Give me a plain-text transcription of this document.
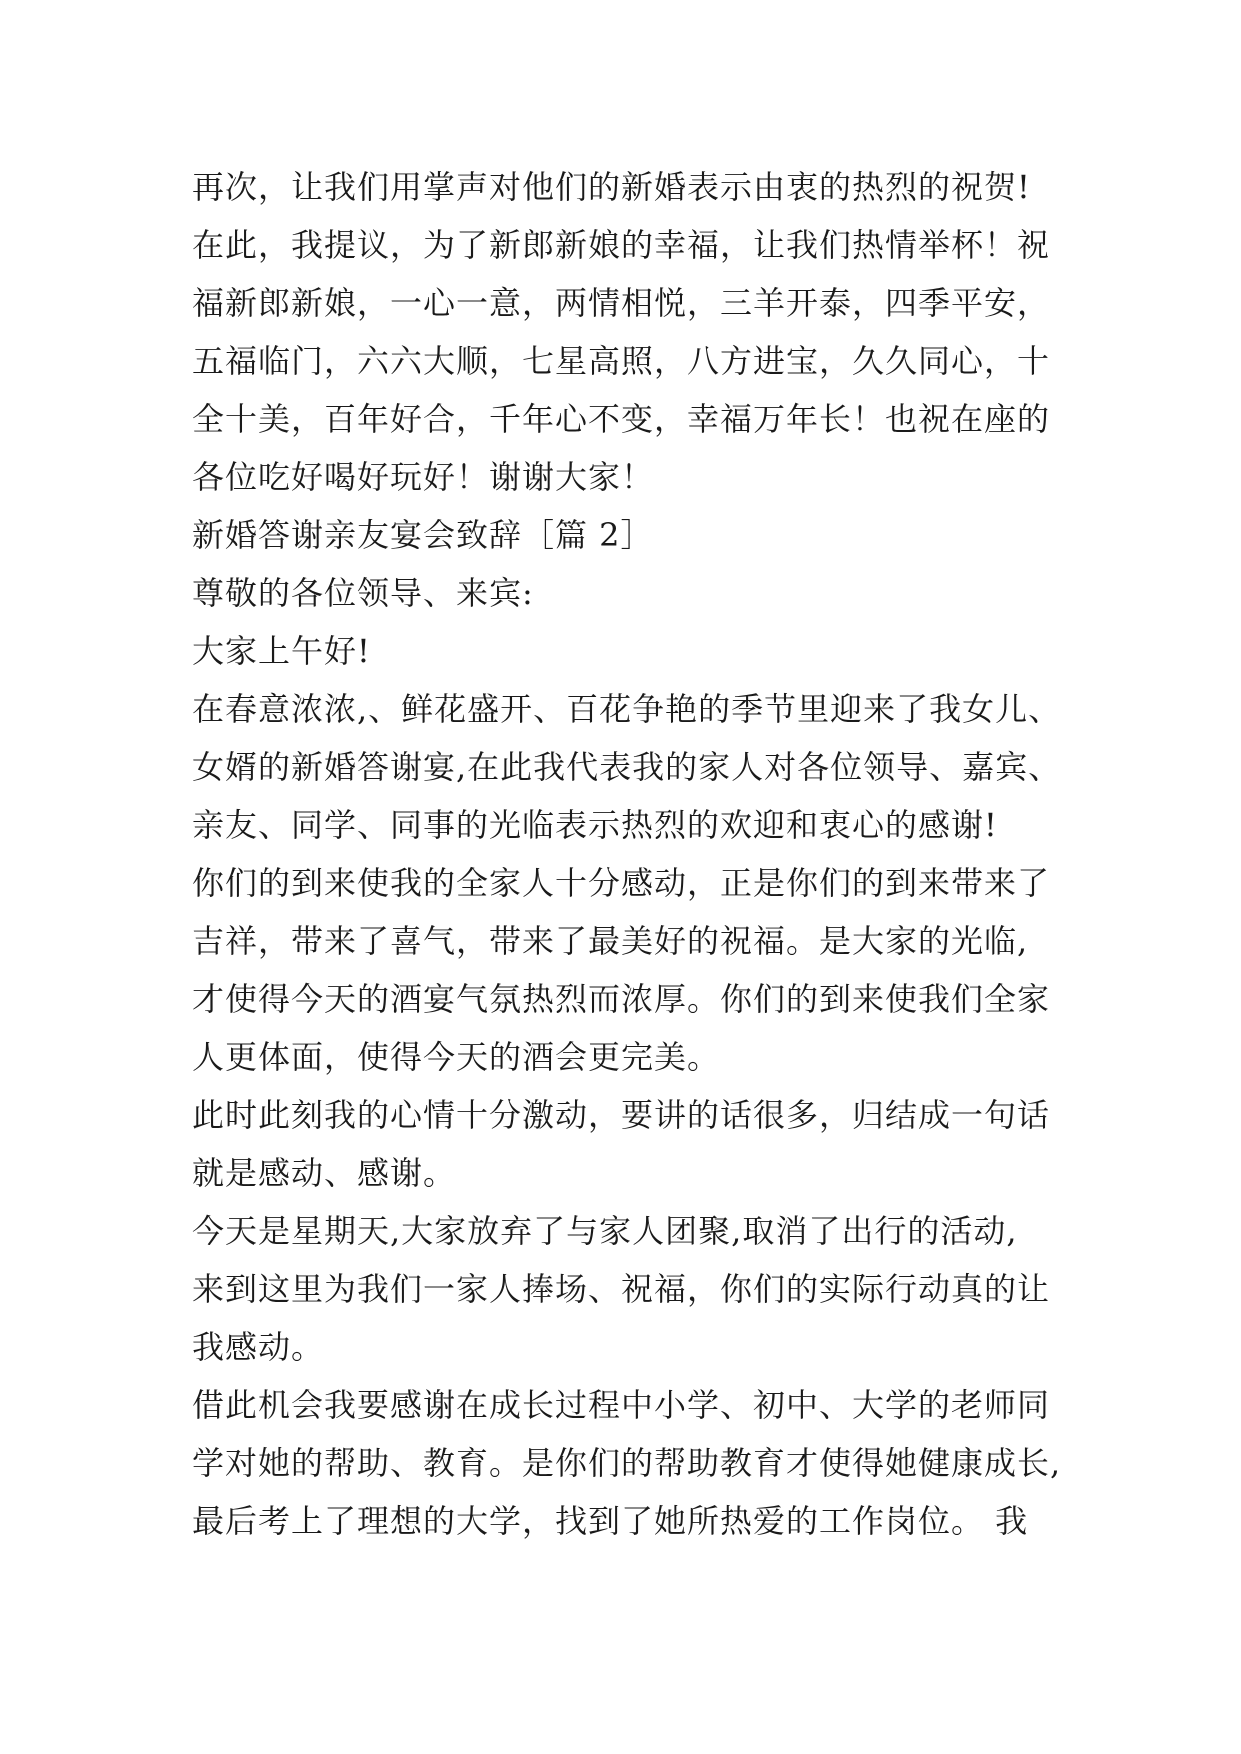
再次，让我们用掌声对他们的新婚表示由衷的热烈的祝贺!
在此，我提议，为了新郎新娘的幸福，让我们热情举杯！祝
福新郎新娘，一心一意，两情相悦，三羊开泰，四季平安，
五福临门，六六大顺，七星高照，八方进宝，久久同心，十
全十美，百年好合，千年心不变，幸福万年长！也祝在座的
各位吃好喝好玩好！谢谢大家！
新婚答谢亲友宴会致辞［篇 2］
尊敬的各位领导、来宾:
大家上午好!
在春意浓浓,、鲜花盛开、百花争艳的季节里迎来了我女儿、
女婿的新婚答谢宴,在此我代表我的家人对各位领导、嘉宾、
亲友、同学、同事的光临表示热烈的欢迎和衷心的感谢!
你们的到来使我的全家人十分感动，正是你们的到来带来了
吉祥，带来了喜气，带来了最美好的祝福。是大家的光临,
才使得今天的酒宴气氛热烈而浓厚。你们的到来使我们全家
人更体面，使得今天的酒会更完美。
此时此刻我的心情十分激动，要讲的话很多，归结成一句话
就是感动、感谢。
今天是星期天,大家放弃了与家人团聚,取消了出行的活动,
来到这里为我们一家人捧场、祝福，你们的实际行动真的让
我感动。
借此机会我要感谢在成长过程中小学、初中、大学的老师同
学对她的帮助、教育。是你们的帮助教育才使得她健康成长,
最后考上了理想的大学，找到了她所热爱的工作岗位。 我
